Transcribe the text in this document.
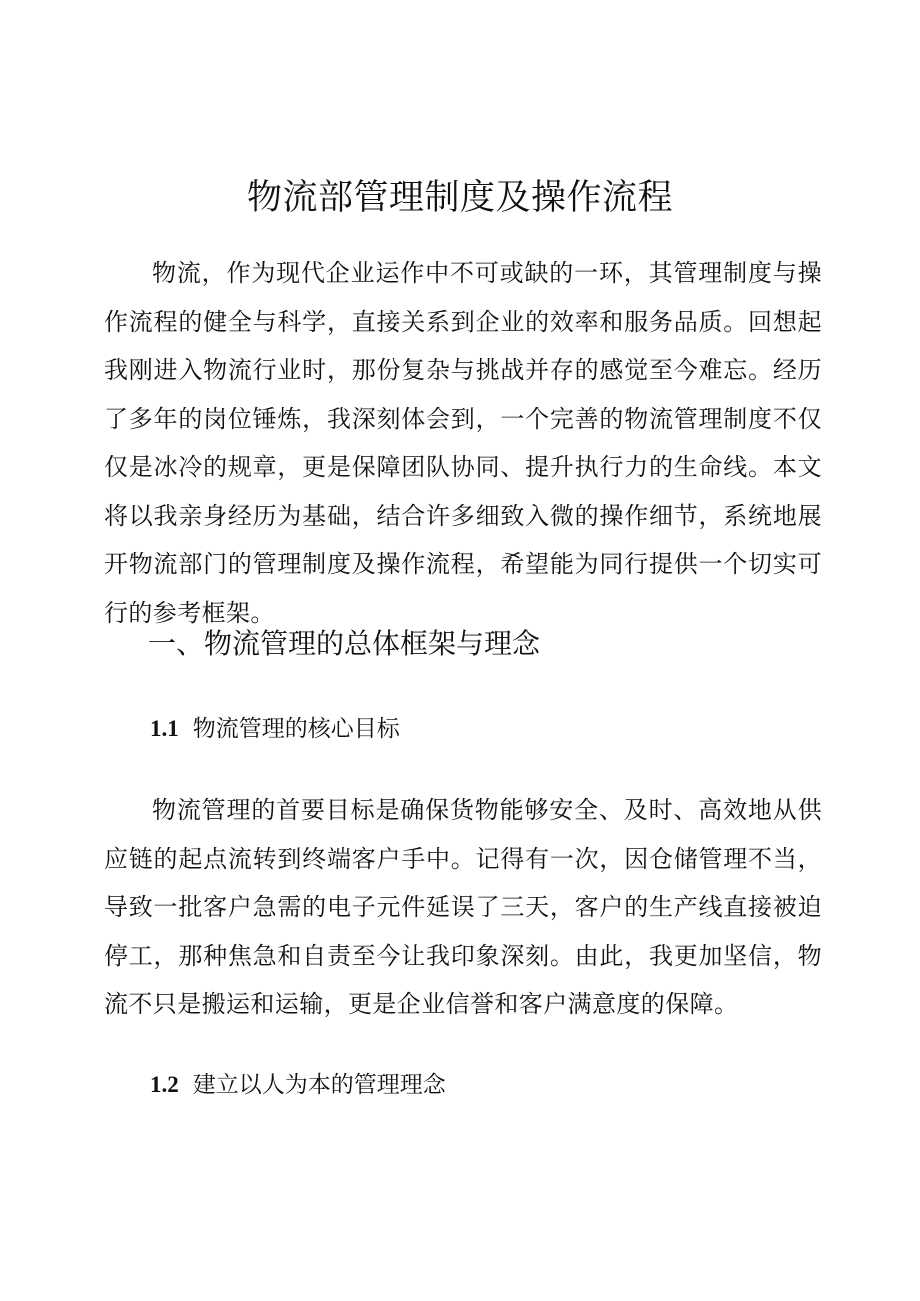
物流部管理制度及操作流程

物流，作为现代企业运作中不可或缺的一环，其管理制度与操作流程的健全与科学，直接关系到企业的效率和服务品质。回想起我刚进入物流行业时，那份复杂与挑战并存的感觉至今难忘。经历了多年的岗位锤炼，我深刻体会到，一个完善的物流管理制度不仅仅是冰冷的规章，更是保障团队协同、提升执行力的生命线。本文将以我亲身经历为基础，结合许多细致入微的操作细节，系统地展开物流部门的管理制度及操作流程，希望能为同行提供一个切实可行的参考框架。

一、物流管理的总体框架与理念
1.1 物流管理的核心目标

物流管理的首要目标是确保货物能够安全、及时、高效地从供应链的起点流转到终端客户手中。记得有一次，因仓储管理不当，导致一批客户急需的电子元件延误了三天，客户的生产线直接被迫停工，那种焦急和自责至今让我印象深刻。由此，我更加坚信，物流不只是搬运和运输，更是企业信誉和客户满意度的保障。

1.2 建立以人为本的管理理念
